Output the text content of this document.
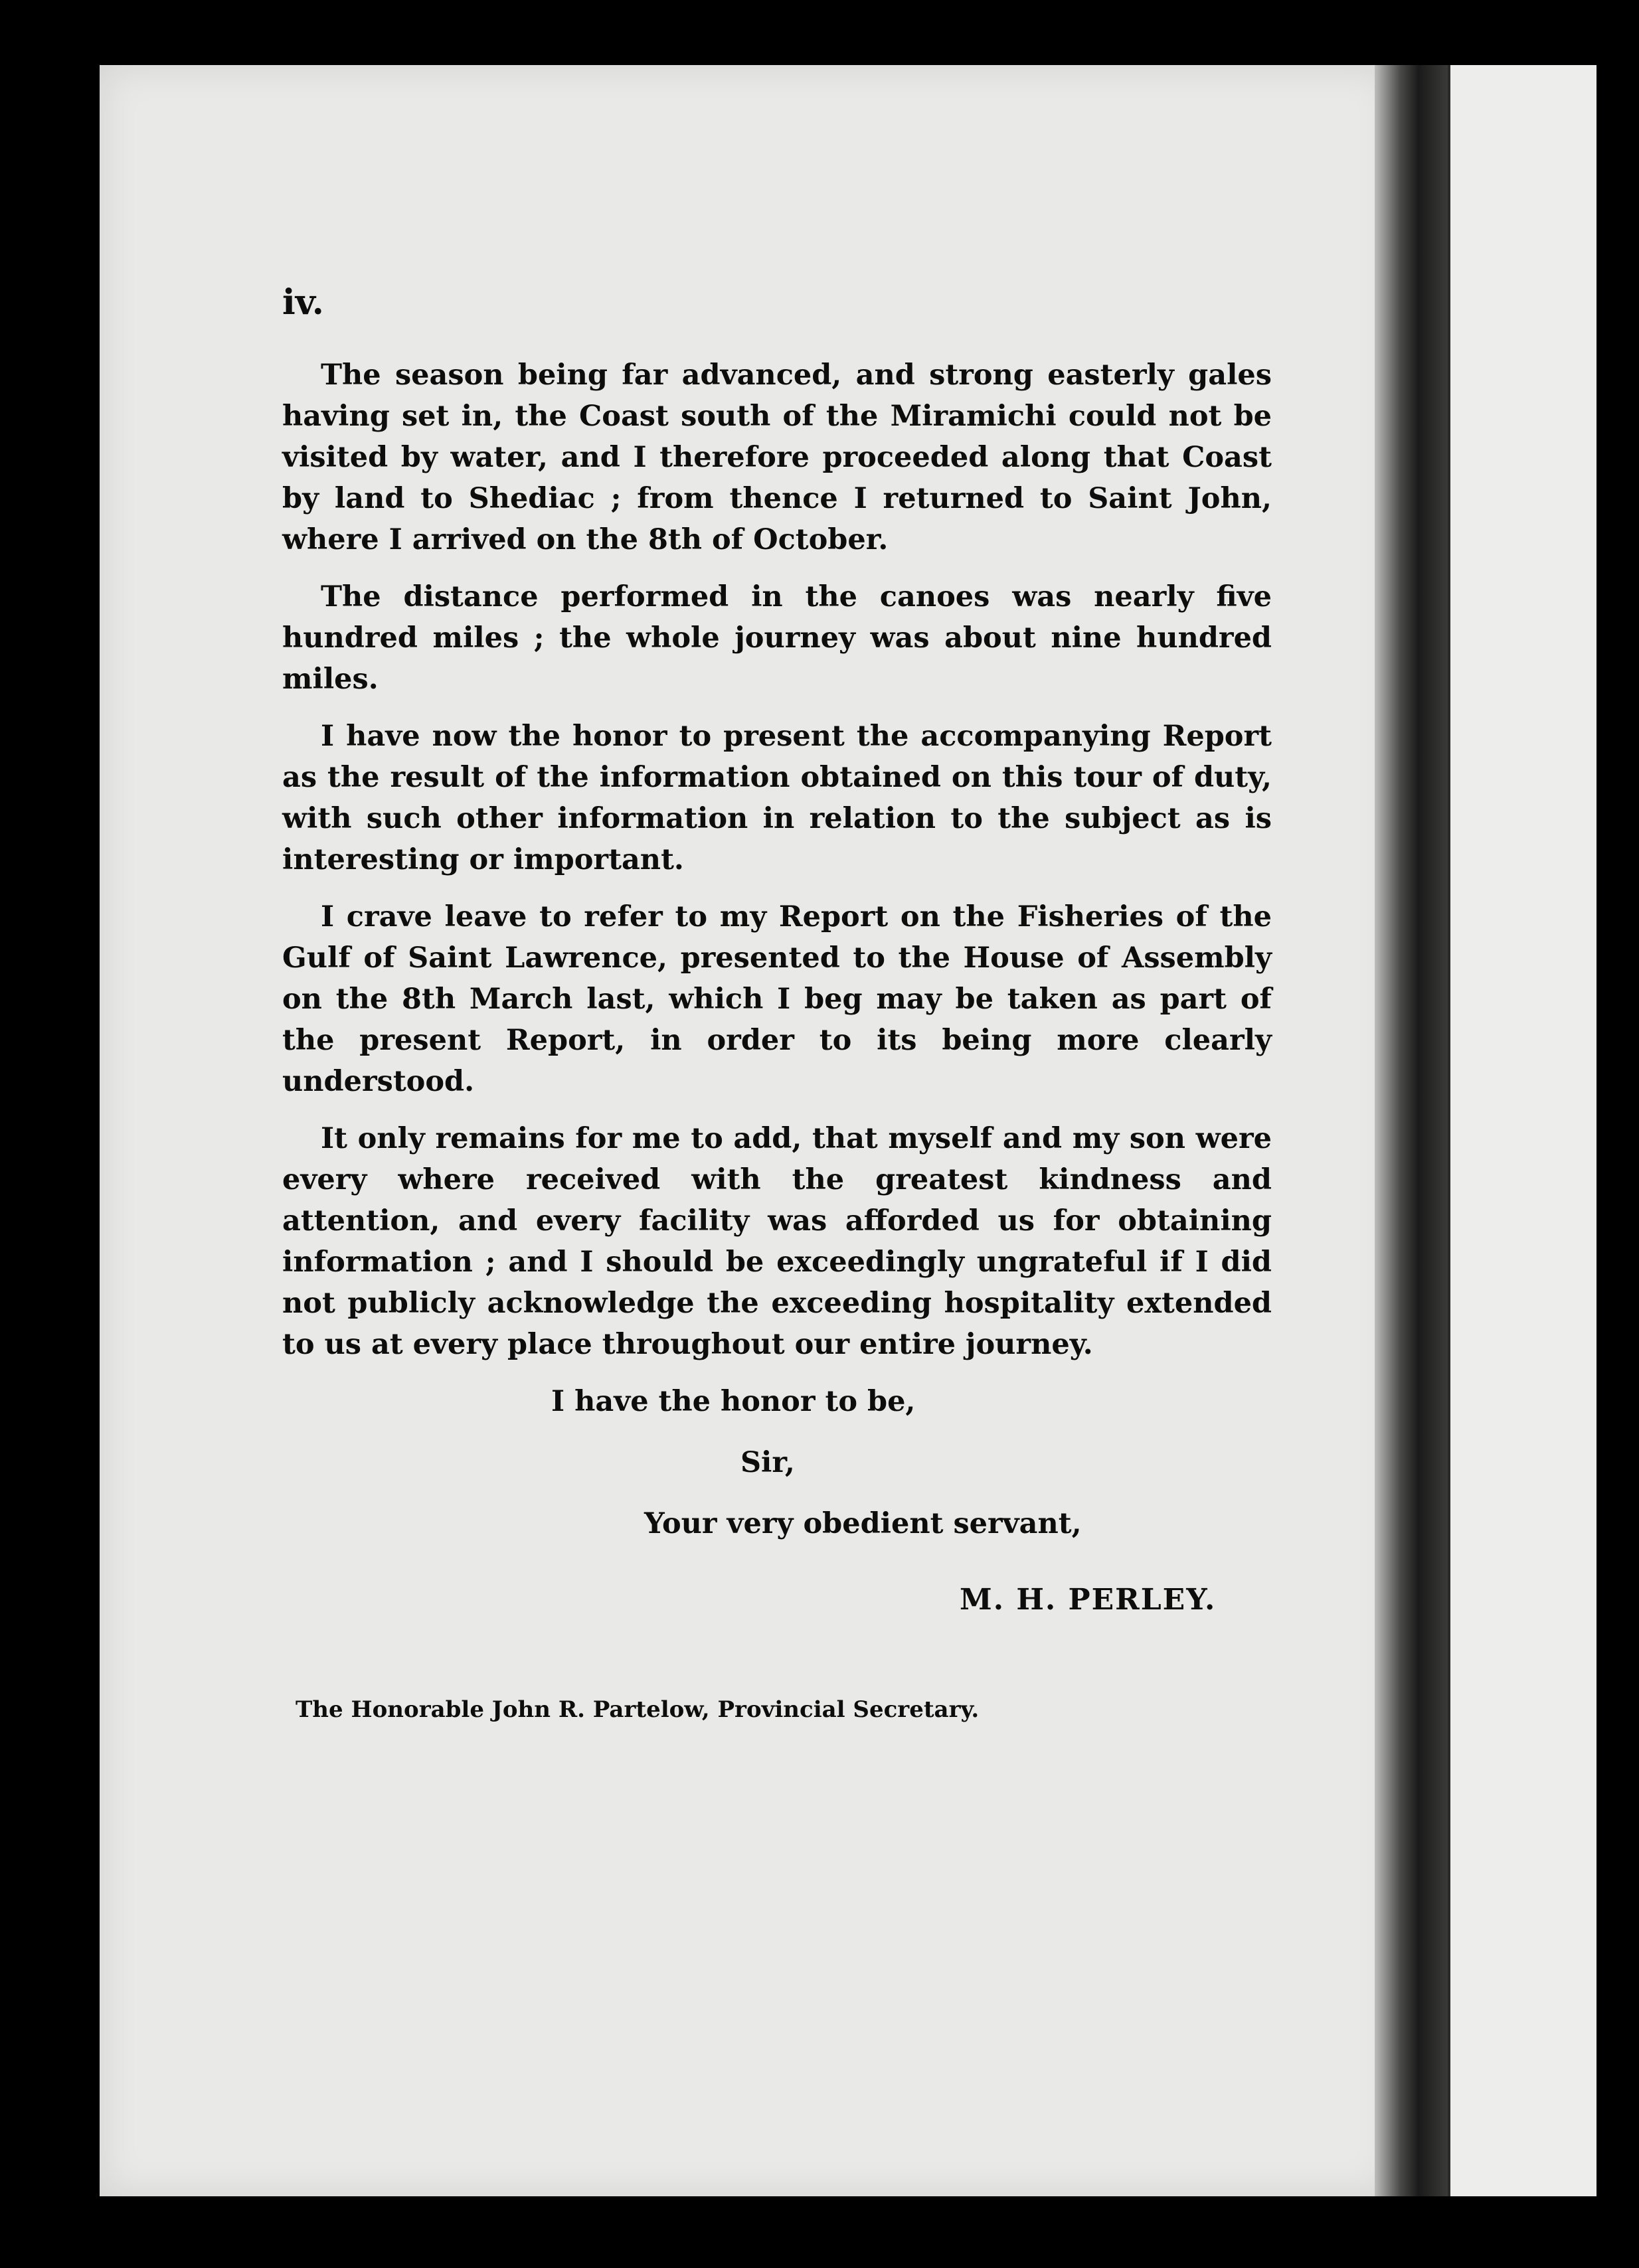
iv.

The season being far advanced, and strong easterly gales having set in, the Coast south of the Miramichi could not be visited by water, and I therefore proceeded along that Coast by land to Shediac ; from thence I returned to Saint John, where I arrived on the 8th of October.

The distance performed in the canoes was nearly five hundred miles ; the whole journey was about nine hundred miles.

I have now the honor to present the accompanying Report as the result of the information obtained on this tour of duty, with such other information in relation to the subject as is interesting or important.

I crave leave to refer to my Report on the Fisheries of the Gulf of Saint Lawrence, presented to the House of Assembly on the 8th March last, which I beg may be taken as part of the present Report, in order to its being more clearly understood.

It only remains for me to add, that myself and my son were every where received with the greatest kindness and attention, and every facility was afforded us for obtaining information ; and I should be exceedingly ungrateful if I did not publicly acknowledge the exceeding hospitality extended to us at every place throughout our entire journey.

I have the honor to be,
Sir,
Your very obedient servant,
M. H. PERLEY.
The Honorable John R. Partelow, Provincial Secretary.
